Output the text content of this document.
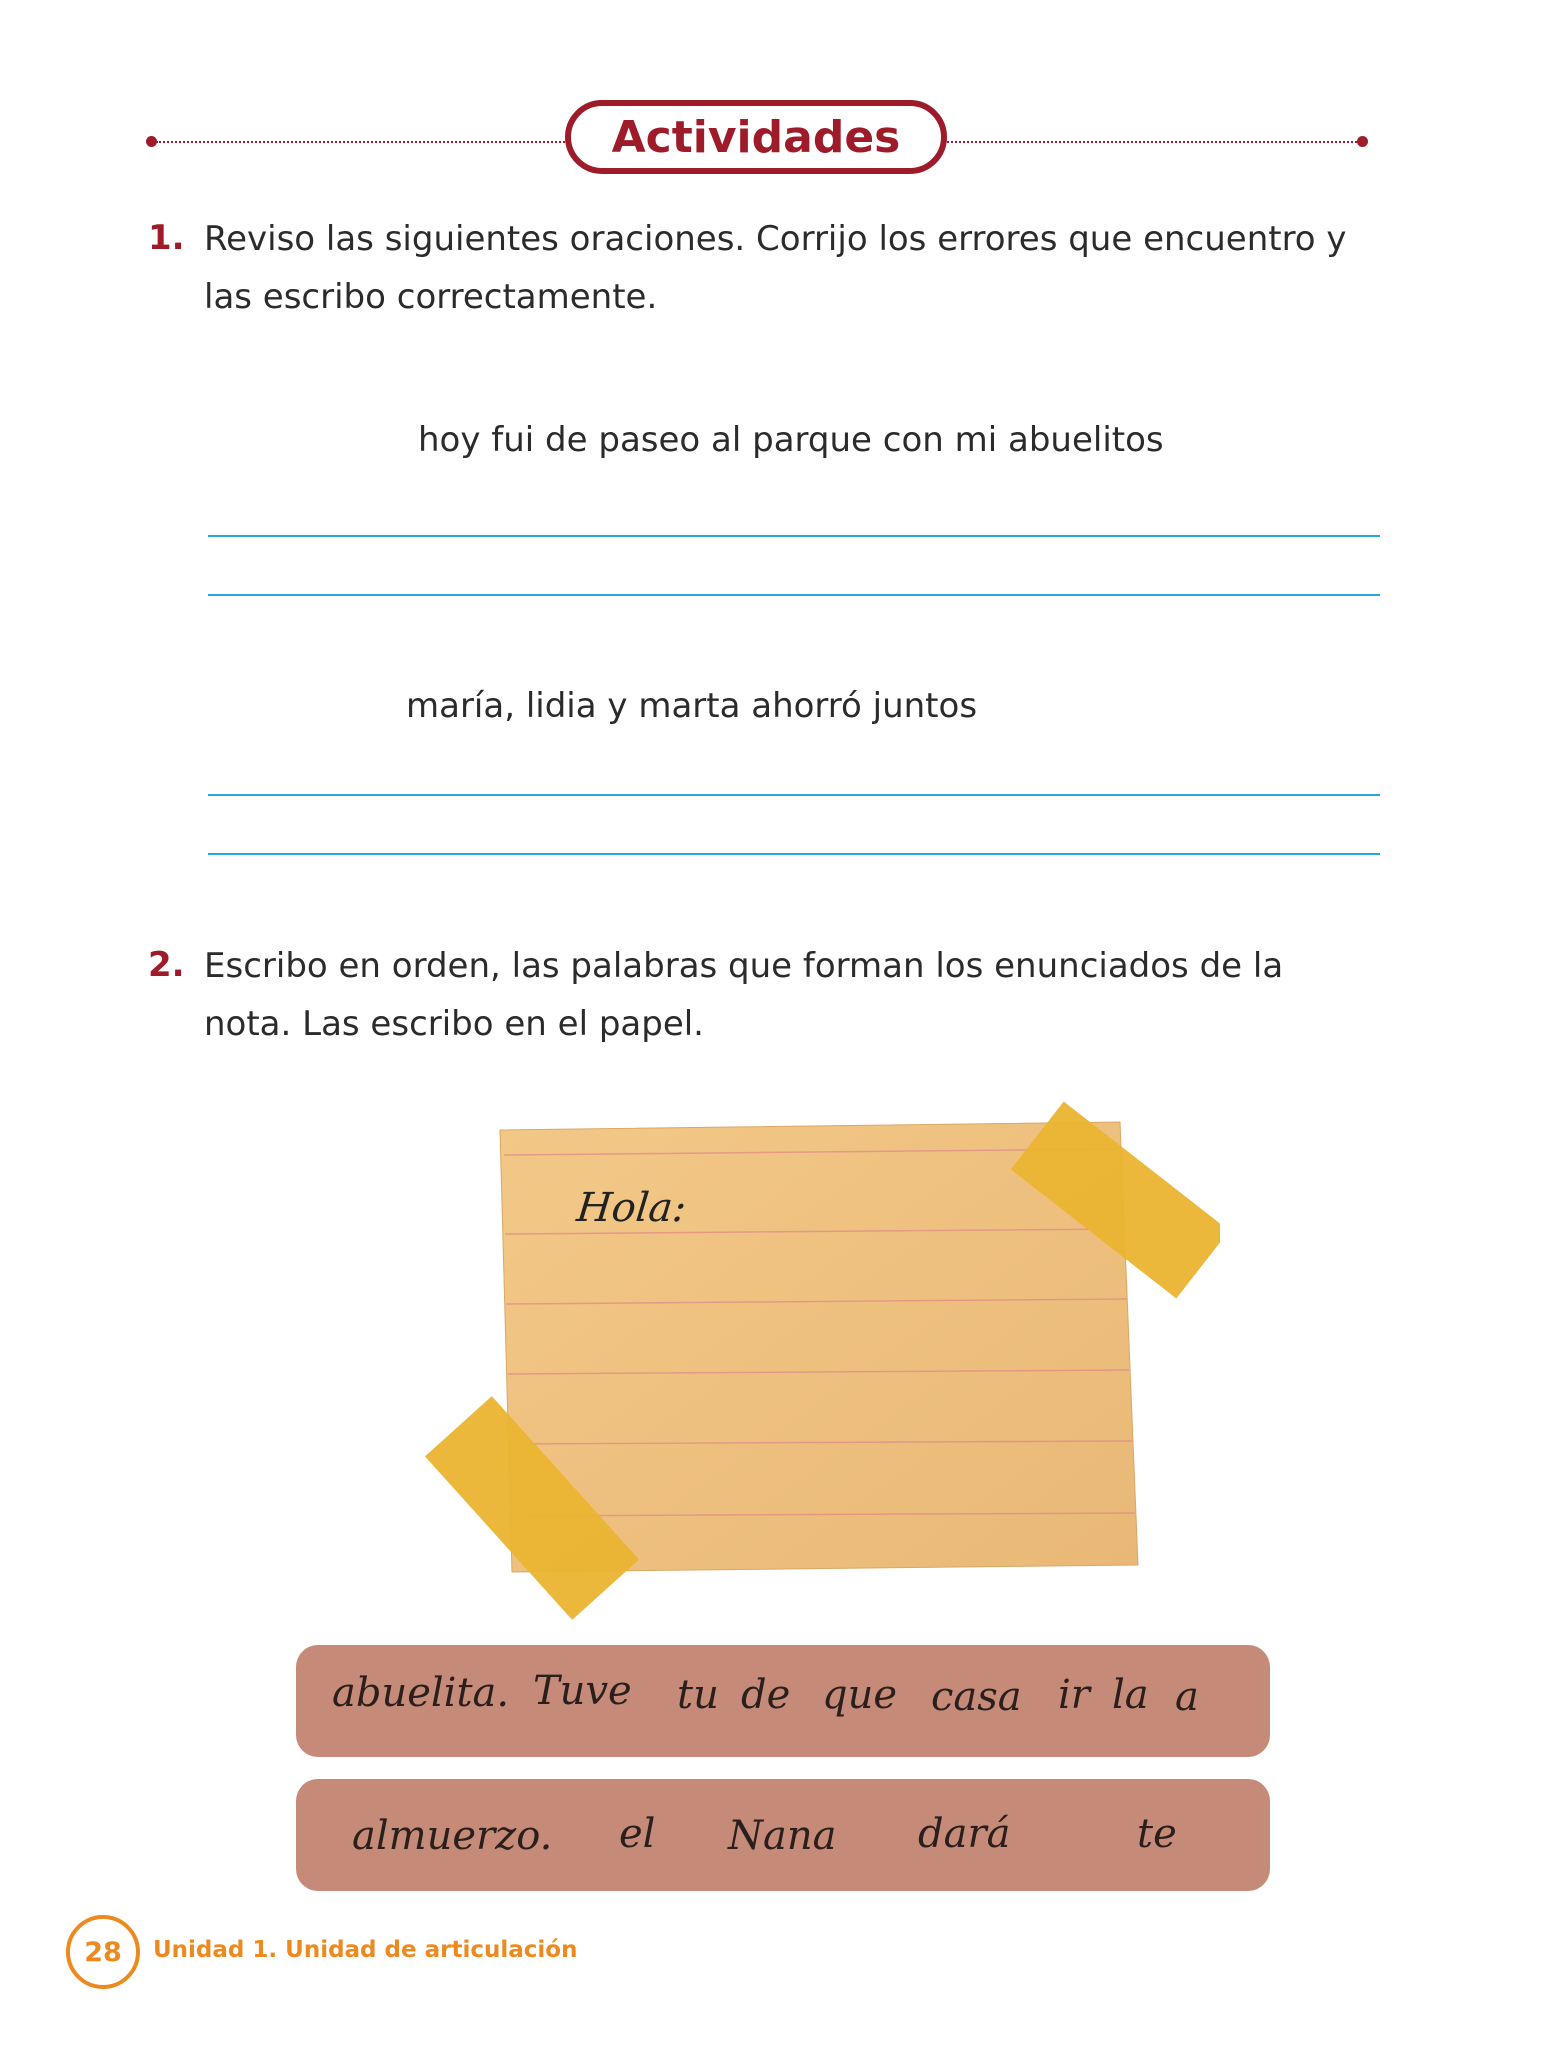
Actividades
1. Reviso las siguientes oraciones. Corrijo los errores que encuentro y
las escribo correctamente.
hoy fui de paseo al parque con mi abuelitos
maría, lidia y marta ahorró juntos
2. Escribo en orden, las palabras que forman los enunciados de la
nota. Las escribo en el papel.
Hola:
abuelita. Tuve tu de que casa ir la a
almuerzo. el Nana dará	te
28 Unidad 1. Unidad de articulación
